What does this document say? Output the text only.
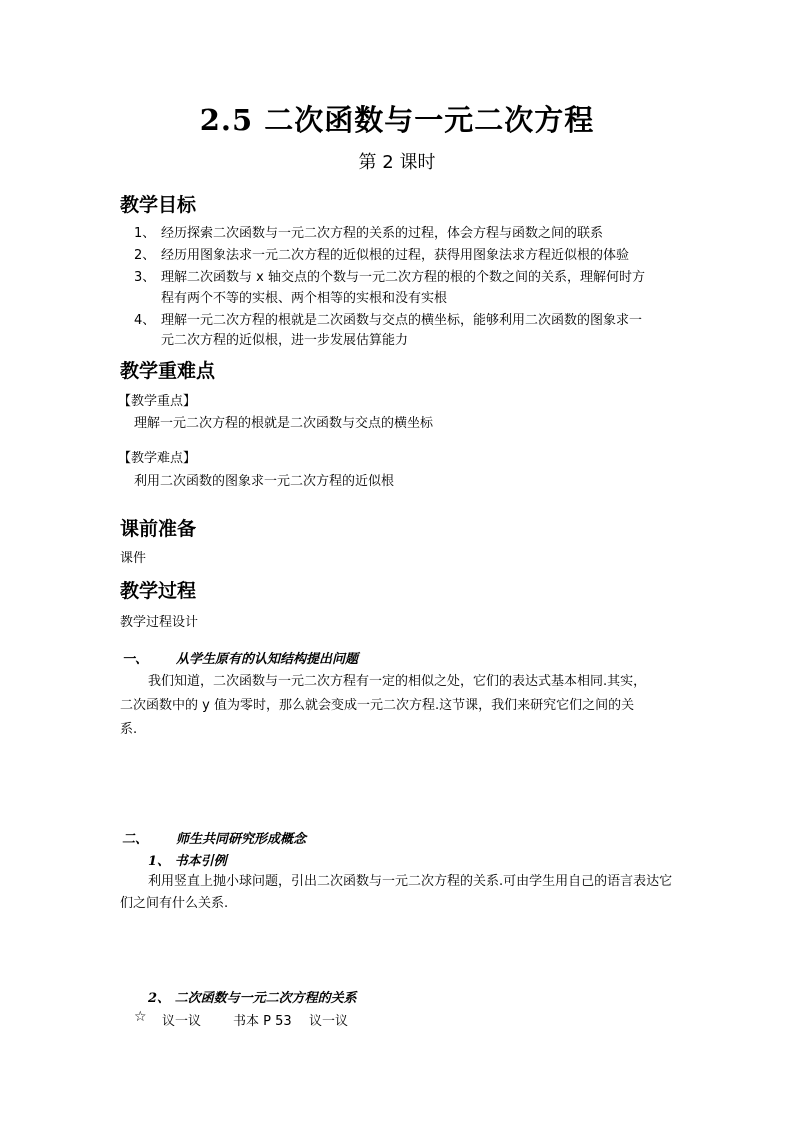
2.5 二次函数与一元二次方程
第 2 课时
教学目标
1、 经历探索二次函数与一元二次方程的关系的过程，体会方程与函数之间的联系
2、 经历用图象法求一元二次方程的近似根的过程，获得用图象法求方程近似根的体验
3、 理解二次函数与 x 轴交点的个数与一元二次方程的根的个数之间的关系，理解何时方
程有两个不等的实根、两个相等的实根和没有实根
4、 理解一元二次方程的根就是二次函数与交点的横坐标，能够利用二次函数的图象求一
元二次方程的近似根，进一步发展估算能力
教学重难点
【教学重点】
理解一元二次方程的根就是二次函数与交点的横坐标
【教学难点】
利用二次函数的图象求一元二次方程的近似根
课前准备
课件
教学过程
教学过程设计
一、 从学生原有的认知结构提出问题
我们知道，二次函数与一元二次方程有一定的相似之处，它们的表达式基本相同.其实，
二次函数中的 y 值为零时，那么就会变成一元二次方程.这节课，我们来研究它们之间的关
系.
二、 师生共同研究形成概念
1、 书本引例
利用竖直上抛小球问题，引出二次函数与一元二次方程的关系.可由学生用自己的语言表达它
们之间有什么关系.
2、 二次函数与一元二次方程的关系
☆ 议一议 书本 P 53 议一议
